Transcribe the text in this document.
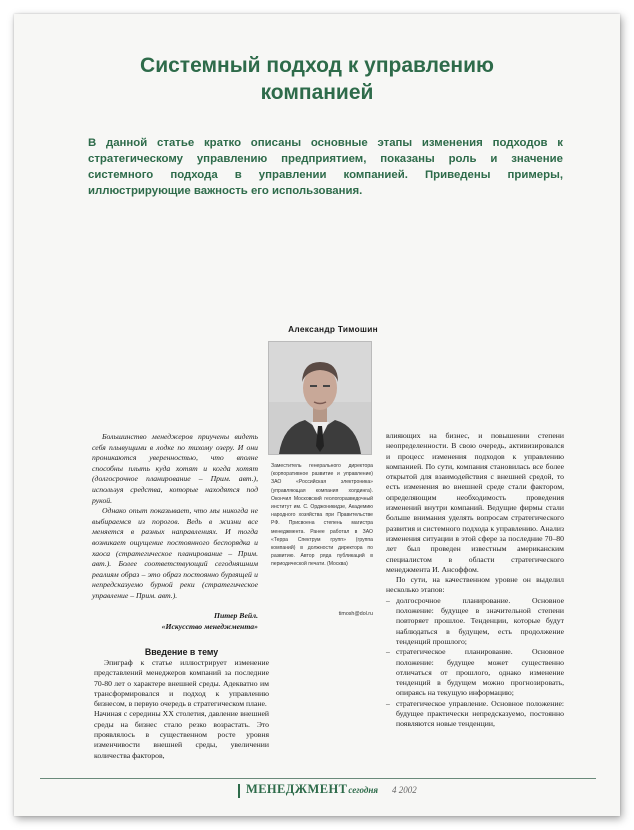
Системный подход к управлению
компанией
В данной статье кратко описаны основные этапы изменения подходов к стратегическому управлению предприятием, показаны роль и значение системного подхода в управлении компанией. Приведены примеры, иллюстрирующие важность его использования.
Александр Тимошин
Заместитель генерального директора (корпоративное развитие и управление) ЗАО «Российская электроника» (управляющая компания холдинга). Окончил Московский геологоразведочный институт им. С. Орджоникидзе, Академию народного хозяйства при Правительстве РФ. Присвоена степень магистра менеджмента. Ранее работал в ЗАО «Терра Спектрум групп» (группа компаний) в должности директора по развитию. Автор ряда публикаций в периодической печати. (Москва)
timosh@dol.ru

Большинство менеджеров приучены видеть себя плывущими в лодке по тихому озеру. И они проникаются уверенностью, что вполне способны плыть куда хотят и когда хотят (долгосрочное планирование – Прим. авт.), используя средства, которые находятся под рукой.

Однако опыт показывает, что мы никогда не выбираемся из порогов. Ведь в жизни все меняется в разных направлениях. И тогда возникает ощущение постоянного беспорядка и хаоса (стратегическое планирование – Прим. авт.). Более соответствующий сегодняшним реалиям образ – это образ постоянно бурлящей и непредсказуемо бурной реки (стратегическое управление – Прим. авт.).

Питер Вейл.
«Искусство менеджмента»
Введение в тему

Эпиграф к статье иллюстрирует изменение представлений менеджеров компаний за последние 70-80 лет о характере внешней среды. Адекватно им трансформировался и подход к управлению бизнесом, в первую очередь в стратегическом плане.

Начиная с середины XX столетия, давление внешней среды на бизнес стало резко возрастать. Это проявлялось в существенном росте уровня изменчивости внешней среды, увеличении количества факторов,

влияющих на бизнес, и повышении степени неопределенности. В свою очередь, активизировался и процесс изменения подходов к управлению компанией. По сути, компания становилась все более открытой для взаимодействия с внешней средой, то есть изменения во внешней среде стали фактором, определяющим необходимость проведения изменений внутри компаний. Ведущие фирмы стали больше внимания уделять вопросам стратегического развития и системного подхода к управлению. Анализ изменения ситуации в этой сфере за последние 70–80 лет был проведен известным американским специалистом в области стратегического менеджмента И. Ансоффом.

По сути, на качественном уровне он выделил несколько этапов:

– долгосрочное планирование. Основное положение: будущее в значительной степени повторяет прошлое. Тенденции, которые будут наблюдаться в будущем, есть продолжение тенденций прошлого;
– стратегическое планирование. Основное положение: будущее может существенно отличаться от прошлого, однако изменение тенденций в будущем можно прогнозировать, опираясь на текущую информацию;
– стратегическое управление. Основное положение: будущее практически непредсказуемо, постоянно появляются новые тенденции,
МЕНЕДЖМЕНТ сегодня 4 2002
